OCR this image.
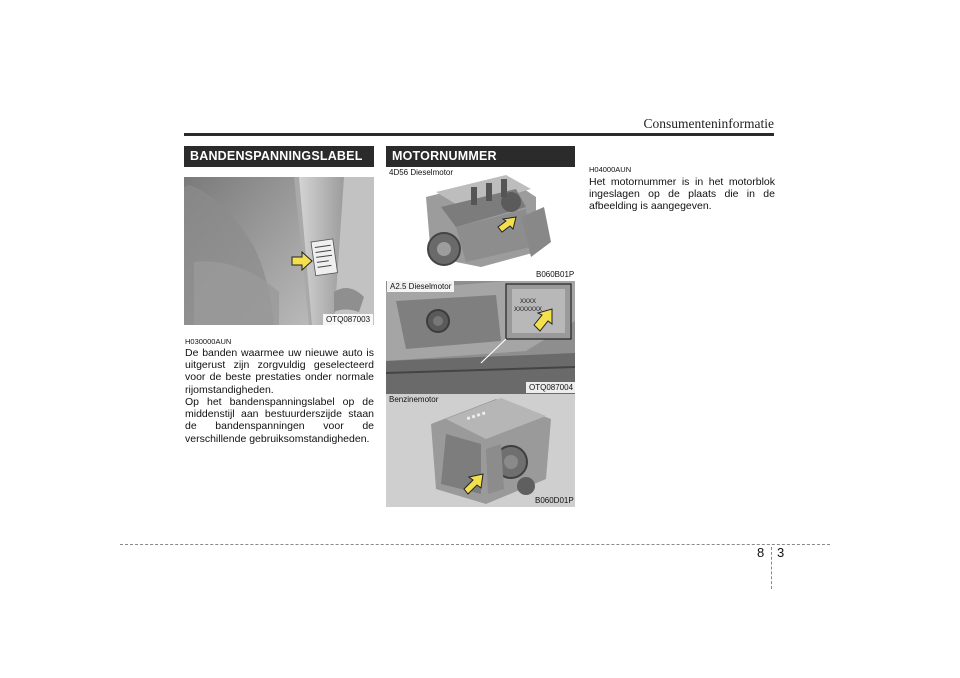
Consumenteninformatie
BANDENSPANNINGSLABEL
OTQ087003
H030000AUN
De banden waarmee uw nieuwe auto is uitgerust zijn zorgvuldig geselecteerd voor de beste prestaties onder normale rijomstandigheden.
Op het bandenspanningslabel op de middenstijl aan bestuurderszijde staan de bandenspanningen voor de verschillende gebruiksomstandigheden.
MOTORNUMMER
4D56 Dieselmotor
B060B01P
XXXX
XXXXXXX
A2.5 Dieselmotor
OTQ087004
■ ■ ■ ■
Benzinemotor
B060D01P
H04000AUN
Het motornummer is in het motorblok ingeslagen op de plaats die in de afbeelding is aangegeven.
8 3
